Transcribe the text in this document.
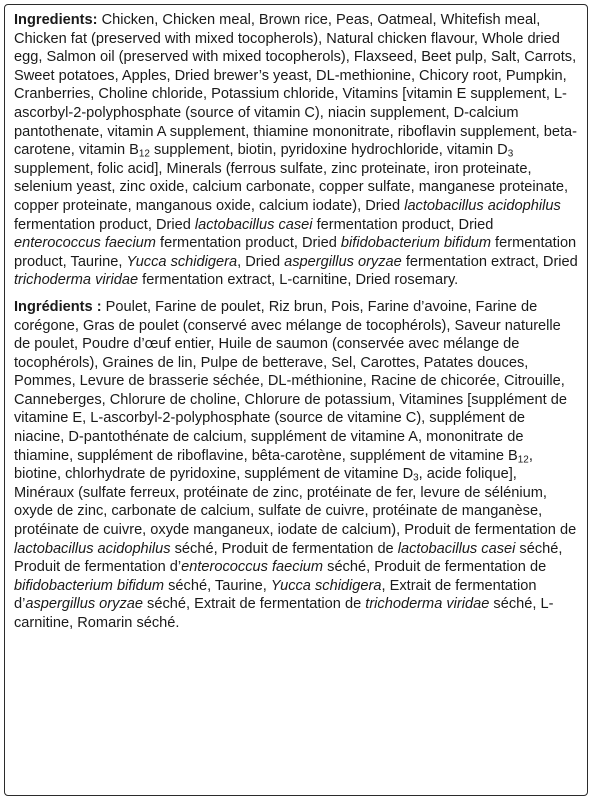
Ingredients: Chicken, Chicken meal, Brown rice, Peas, Oatmeal, Whitefish meal, Chicken fat (preserved with mixed tocopherols), Natural chicken flavour, Whole dried egg, Salmon oil (preserved with mixed tocopherols), Flaxseed, Beet pulp, Salt, Carrots, Sweet potatoes, Apples, Dried brewer’s yeast, DL-methionine, Chicory root, Pumpkin, Cranberries, Choline chloride, Potassium chloride, Vitamins [vitamin E supplement, L-ascorbyl-2-polyphosphate (source of vitamin C), niacin supplement, D-calcium pantothenate, vitamin A supplement, thiamine mononitrate, riboflavin supplement, beta-carotene, vitamin $B_{12}$ supplement, biotin, pyridoxine hydrochloride, vitamin $D_3$ supplement, folic acid], Minerals (ferrous sulfate, zinc proteinate, iron proteinate, selenium yeast, zinc oxide, calcium carbonate, copper sulfate, manganese proteinate, copper proteinate, manganous oxide, calcium iodate), Dried lactobacillus acidophilus fermentation product, Dried lactobacillus casei fermentation product, Dried enterococcus faecium fermentation product, Dried bifidobacterium bifidum fermentation product, Taurine, Yucca schidigera, Dried aspergillus oryzae fermentation extract, Dried trichoderma viridae fermentation extract, L-carnitine, Dried rosemary.

Ingrédients : Poulet, Farine de poulet, Riz brun, Pois, Farine d’avoine, Farine de corégone, Gras de poulet (conservé avec mélange de tocophérols), Saveur naturelle de poulet, Poudre d’œuf entier, Huile de saumon (conservée avec mélange de tocophérols), Graines de lin, Pulpe de betterave, Sel, Carottes, Patates douces, Pommes, Levure de brasserie séchée, DL-méthionine, Racine de chicorée, Citrouille, Canneberges, Chlorure de choline, Chlorure de potassium, Vitamines [supplément de vitamine E, L-ascorbyl-2-polyphosphate (source de vitamine C), supplément de niacine, D-pantothénate de calcium, supplément de vitamine A, mononitrate de thiamine, supplément de riboflavine, bêta-carotène, supplément de vitamine $B_{12}$, biotine, chlorhydrate de pyridoxine, supplément de vitamine $D_3$, acide folique], Minéraux (sulfate ferreux, protéinate de zinc, protéinate de fer, levure de sélénium, oxyde de zinc, carbonate de calcium, sulfate de cuivre, protéinate de manganèse, protéinate de cuivre, oxyde manganeux, iodate de calcium), Produit de fermentation de lactobacillus acidophilus séché, Produit de fermentation de lactobacillus casei séché, Produit de fermentation d’enterococcus faecium séché, Produit de fermentation de bifidobacterium bifidum séché, Taurine, Yucca schidigera, Extrait de fermentation d’aspergillus oryzae séché, Extrait de fermentation de trichoderma viridae séché, L-carnitine, Romarin séché.
